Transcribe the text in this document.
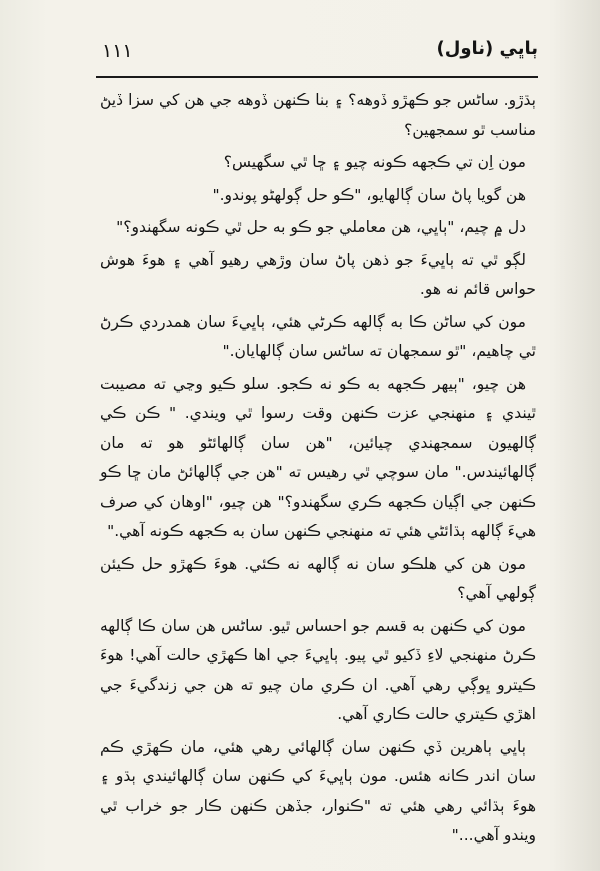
١١١	ٻاڀي (ناول)

ٻڌڙو. ساڻس جو ڪهڙو ڏوهه؟ ۽ بنا ڪنهن ڏوهه جي هن کي سزا ڏيڻ مناسب ٿو سمجهين؟

مون اِن تي ڪجهه ڪونه چيو ۽ ڇا ٿي سگهيس؟

هن گويا پاڻ سان ڳالهايو، "ڪو حل ڳولهڻو پوندو."

دل ۾ چيم، "ٻاڀي، هن معاملي جو ڪو به حل ٿي ڪونه سگهندو؟"

لڳو ٿي ته ٻاڀيءَ جو ذهن پاڻ سان وڙهي رهيو آهي ۽ هوءَ هوش حواس قائم نه هو.

مون کي ساڻن ڪا به ڳالهه ڪرڻي هئي، ٻاڀيءَ سان همدردي ڪرڻ ٿي چاهيم، "ٿو سمجهان ته ساڻس سان ڳالهايان."

هن چيو، "ٻيهر ڪجهه به ڪو نه ڪجو. سلو ڪيو وڃي ته مصيبت ٿيندي ۽ منهنجي عزت ڪنهن وقت رسوا ٿي ويندي. " ڪن ڪي ڳالهيون سمجهندي چيائين، "هن سان ڳالهائڻو هو ته مان ڳالهائيندس." مان سوچي ٿي رهيس ته "هن جي ڳالهائڻ مان ڇا ڪو ڪنهن جي اڳيان ڪجهه ڪري سگهندو؟" هن چيو، "اوهان کي صرف هيءَ ڳالهه ٻڌائڻي هئي ته منهنجي ڪنهن سان به ڪجهه ڪونه آهي."

مون هن کي هلڪو سان نه ڳالهه نه ڪئي. هوءَ ڪهڙو حل ڪيئن ڳولهي آهي؟

مون کي ڪنهن به قسم جو احساس ٿيو. ساڻس هن سان ڪا ڳالهه ڪرڻ منهنجي لاءِ ڏکيو ٿي پيو. ٻاڀيءَ جي اها ڪهڙي حالت آهي! هوءَ ڪيترو ڀوڳي رهي آهي. ان ڪري مان چيو ته هن جي زندگيءَ جي اهڙي ڪيتري حالت ڪاري آهي.

ٻاڀي ٻاهرين ڏي ڪنهن سان ڳالهائي رهي هئي، مان ڪهڙي ڪم سان اندر ڪانه هئس. مون ٻاڀيءَ کي ڪنهن سان ڳالهائيندي ٻڌو ۽ هوءَ ٻڌائي رهي هئي ته "ڪنوار، جڏهن ڪنهن ڪار جو خراب ٿي ويندو آهي..."
